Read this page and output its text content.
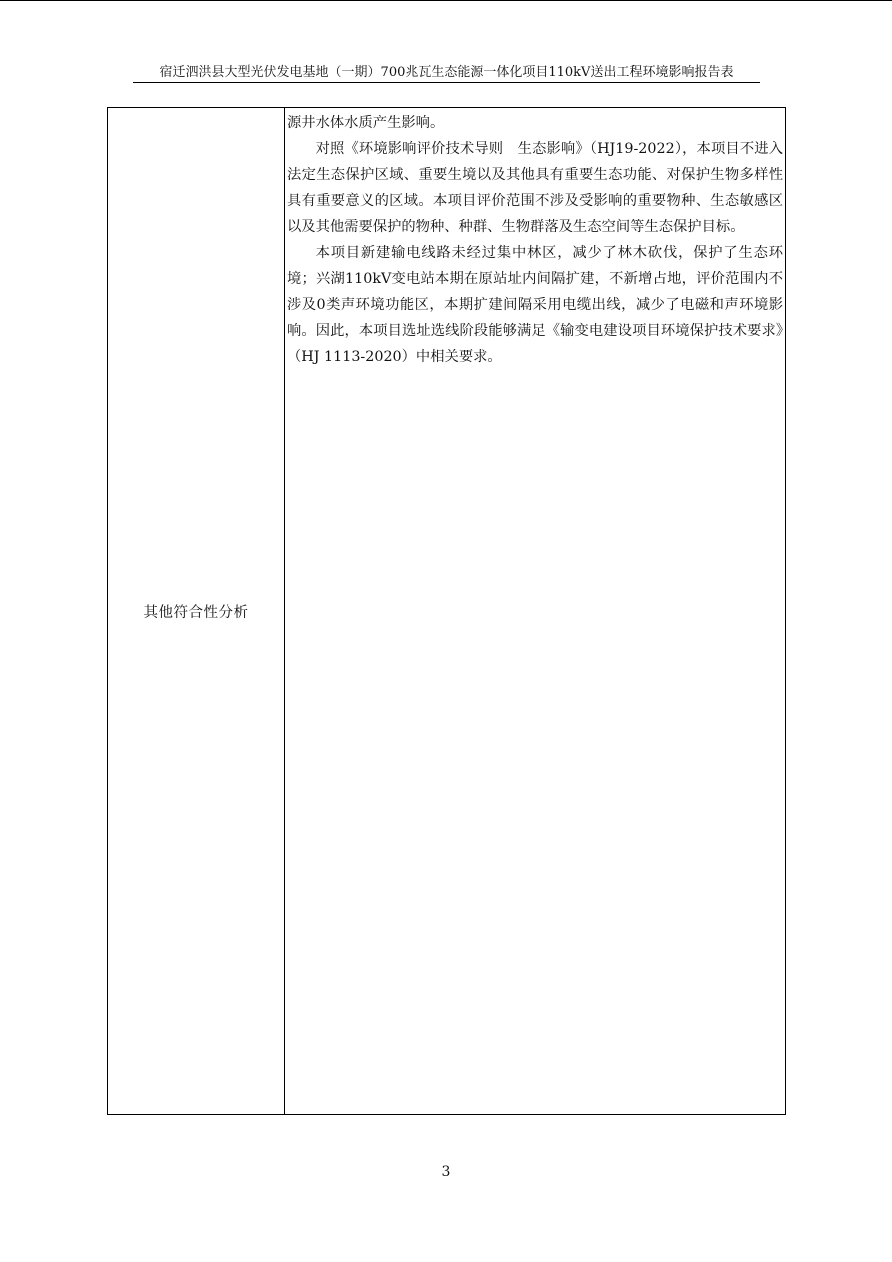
宿迁泗洪县大型光伏发电基地（一期）700兆瓦生态能源一体化项目110kV送出工程环境影响报告表
其他符合性分析

源井水体水质产生影响。

对照《环境影响评价技术导则　生态影响》（HJ19-2022），本项目不进入法定生态保护区域、重要生境以及其他具有重要生态功能、对保护生物多样性具有重要意义的区域。本项目评价范围不涉及受影响的重要物种、生态敏感区以及其他需要保护的物种、种群、生物群落及生态空间等生态保护目标。

本项目新建输电线路未经过集中林区，减少了林木砍伐，保护了生态环境；兴湖110kV变电站本期在原站址内间隔扩建，不新增占地，评价范围内不涉及0类声环境功能区，本期扩建间隔采用电缆出线，减少了电磁和声环境影响。因此，本项目选址选线阶段能够满足《输变电建设项目环境保护技术要求》（HJ 1113-2020）中相关要求。

3
